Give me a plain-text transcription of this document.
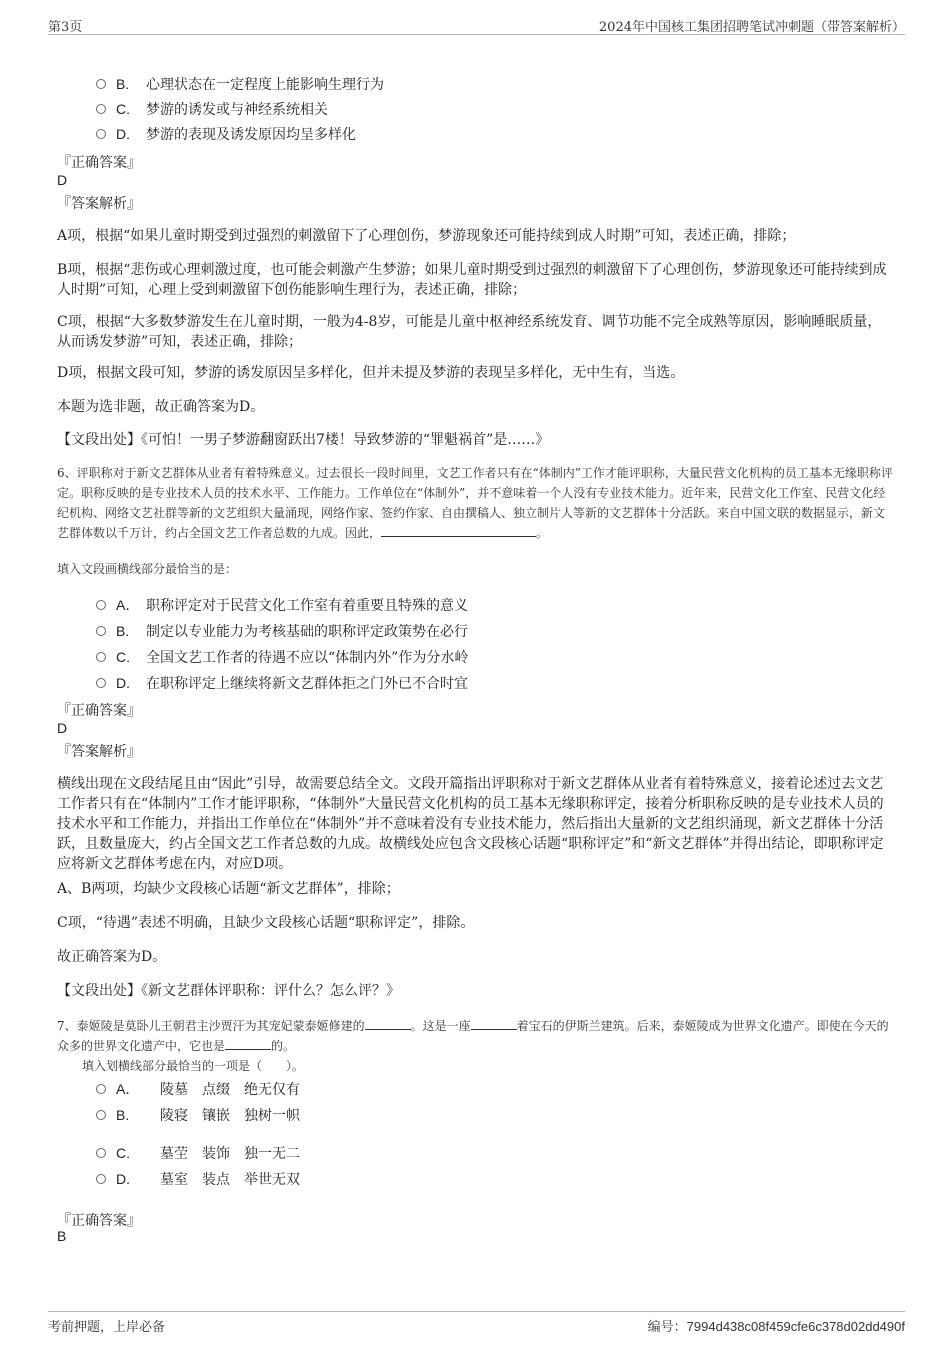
第3页	2024年中国核工集团招聘笔试冲刺题（带答案解析）
B. 心理状态在一定程度上能影响生理行为
C. 梦游的诱发或与神经系统相关
D. 梦游的表现及诱发原因均呈多样化
『正确答案』
D
『答案解析』
A项，根据“如果儿童时期受到过强烈的刺激留下了心理创伤，梦游现象还可能持续到成人时期”可知，表述正确，排除；
B项，根据“悲伤或心理刺激过度，也可能会刺激产生梦游；如果儿童时期受到过强烈的刺激留下了心理创伤，梦游现象还可能持续到成人时期”可知，心理上受到刺激留下创伤能影响生理行为，表述正确，排除；
C项，根据“大多数梦游发生在儿童时期，一般为4-8岁，可能是儿童中枢神经系统发育、调节功能不完全成熟等原因，影响睡眠质量，从而诱发梦游”可知，表述正确，排除；
D项，根据文段可知，梦游的诱发原因呈多样化，但并未提及梦游的表现呈多样化，无中生有，当选。
本题为选非题，故正确答案为D。
【文段出处】《可怕！一男子梦游翻窗跃出7楼！导致梦游的“罪魁祸首”是……》
6、评职称对于新文艺群体从业者有着特殊意义。过去很长一段时间里，文艺工作者只有在“体制内”工作才能评职称，大量民营文化机构的员工基本无缘职称评定。职称反映的是专业技术人员的技术水平、工作能力。工作单位在“体制外”，并不意味着一个人没有专业技术能力。近年来，民营文化工作室、民营文化经纪机构、网络文艺社群等新的文艺组织大量涌现，网络作家、签约作家、自由撰稿人、独立制片人等新的文艺群体十分活跃。来自中国文联的数据显示，新文艺群体数以千万计，约占全国文艺工作者总数的九成。因此，	。
填入文段画横线部分最恰当的是：
A． 职称评定对于民营文化工作室有着重要且特殊的意义
B. 制定以专业能力为考核基础的职称评定政策势在必行
C. 全国文艺工作者的待遇不应以“体制内外”作为分水岭
D. 在职称评定上继续将新文艺群体拒之门外已不合时宜
『正确答案』
D
『答案解析』
横线出现在文段结尾且由“因此”引导，故需要总结全文。文段开篇指出评职称对于新文艺群体从业者有着特殊意义，接着论述过去文艺工作者只有在“体制内”工作才能评职称，“体制外”大量民营文化机构的员工基本无缘职称评定，接着分析职称反映的是专业技术人员的技术水平和工作能力，并指出工作单位在“体制外”并不意味着没有专业技术能力，然后指出大量新的文艺组织涌现，新文艺群体十分活跃，且数量庞大，约占全国文艺工作者总数的九成。故横线处应包含文段核心话题“职称评定”和“新文艺群体”并得出结论，即职称评定应将新文艺群体考虑在内，对应D项。
A、B两项，均缺少文段核心话题“新文艺群体”，排除；
C项，“待遇”表述不明确，且缺少文段核心话题“职称评定”，排除。
故正确答案为D。
【文段出处】《新文艺群体评职称：评什么？怎么评？》
7、泰姬陵是莫卧儿王朝君主沙贾汗为其宠妃蒙泰姬修建的	。这是一座	着宝石的伊斯兰建筑。后来，泰姬陵成为世界文化遗产。即使在今天的众多的世界文化遗产中，它也是	的。
填入划横线部分最恰当的一项是（　　）。
A． 陵墓 点缀 绝无仅有
B. 陵寝 镶嵌 独树一帜
C. 墓茔 装饰 独一无二
D. 墓室 装点 举世无双
『正确答案』
B
考前押题，上岸必备	编号：7994d438c08f459cfe6c378d02dd490f
